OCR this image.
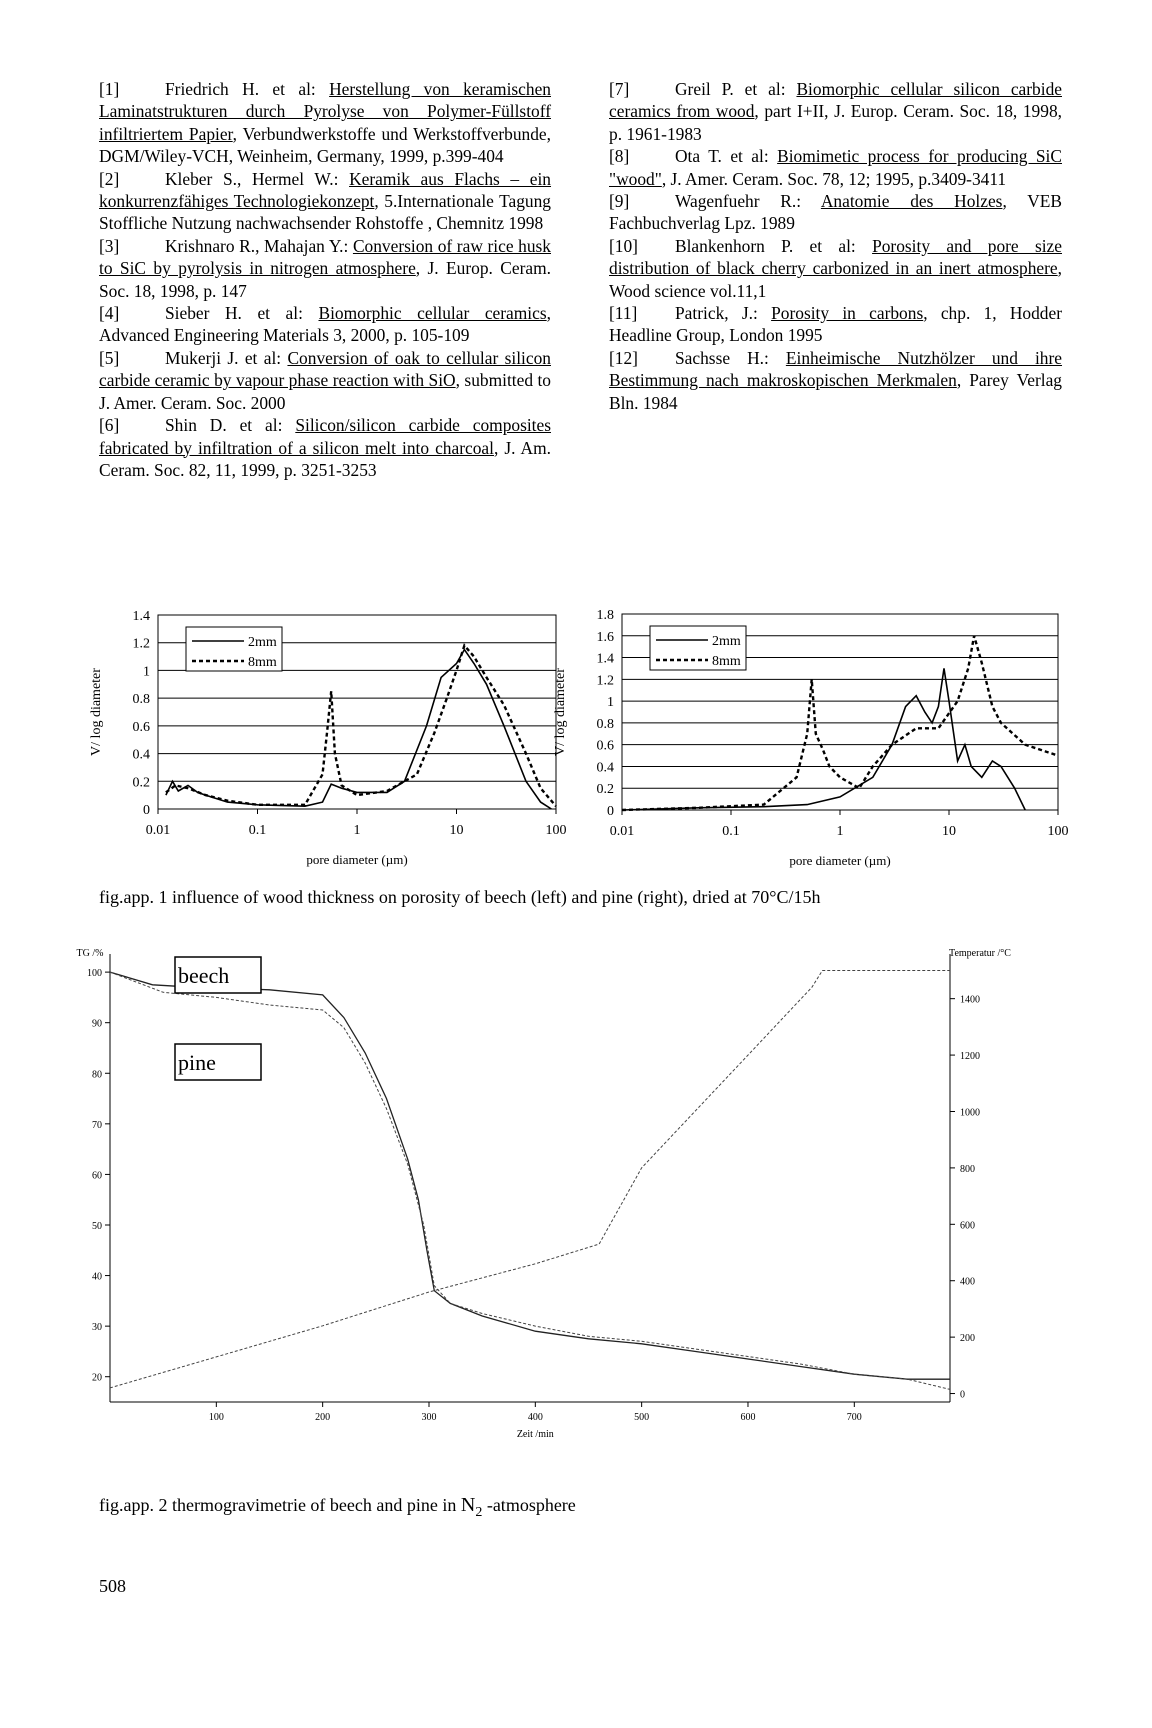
[1]	Friedrich H. et al: Herstellung von keramischen Laminatstrukturen durch Pyrolyse von Polymer-Füllstoff infiltriertem Papier, Verbundwerkstoffe und Werkstoffverbunde, DGM/Wiley-VCH, Weinheim, Germany, 1999, p.399-404
[2]	Kleber S., Hermel W.: Keramik aus Flachs – ein konkurrenzfähiges Technologiekonzept, 5.Internationale Tagung Stoffliche Nutzung nachwachsender Rohstoffe , Chemnitz 1998
[3]	Krishnaro R., Mahajan Y.: Conversion of raw rice husk to SiC by pyrolysis in nitrogen atmosphere, J. Europ. Ceram. Soc. 18, 1998, p. 147
[4]	Sieber H. et al: Biomorphic cellular ceramics, Advanced Engineering Materials 3, 2000, p. 105-109
[5]	Mukerji J. et al: Conversion of oak to cellular silicon carbide ceramic by vapour phase reaction with SiO, submitted to J. Amer. Ceram. Soc. 2000
[6]	Shin D. et al: Silicon/silicon carbide composites fabricated by infiltration of a silicon melt into charcoal, J. Am. Ceram. Soc. 82, 11, 1999, p. 3251-3253
[7]	Greil P. et al: Biomorphic cellular silicon carbide ceramics from wood, part I+II, J. Europ. Ceram. Soc. 18, 1998, p. 1961-1983
[8]	Ota T. et al: Biomimetic process for producing SiC "wood", J. Amer. Ceram. Soc. 78, 12; 1995, p.3409-3411
[9]	Wagenfuehr R.: Anatomie des Holzes, VEB Fachbuchverlag Lpz. 1989
[10] Blankenhorn P. et al: Porosity and pore size distribution of black cherry carbonized in an inert atmosphere, Wood science vol.11,1
[11] Patrick, J.: Porosity in carbons, chp. 1, Hodder Headline Group, London 1995
[12] Sachsse H.: Einheimische Nutzhölzer und ihre Bestimmung nach makroskopischen Merkmalen, Parey Verlag Bln. 1984
0
0.2
0.4
0.6
0.8
1
1.2
1.4
0.01	0.1	1	10	100
pore diameter (µm)
V/ log diameter
2mm
8mm
0
0.2
0.4
0.6
0.8
1
1.2
1.4
1.6
1.8
0.01	0.1	1	10	100
pore diameter (µm)
V/ log diameter
2mm
8mm
fig.app. 1 influence of wood thickness on porosity of beech (left) and pine (right), dried at 70°C/15h
20
30
40
50
60
70
80
90
100
0
200
400
600
800
1000
1200
1400
100	200	300	400	500	600	700
TG /%	Temperatur /°C
Zeit /min
beech
pine
fig.app. 2 thermogravimetrie of beech and pine in $N_2$ -atmosphere
508
